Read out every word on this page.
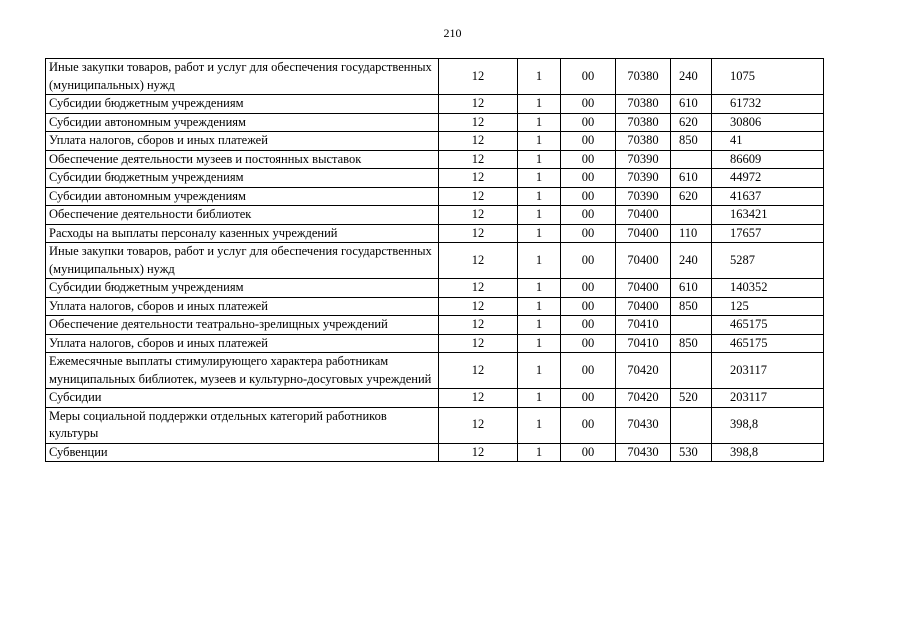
210
Иные закупки товаров, работ и услуг для обеспечения государственных (муниципальных) нужд	12	1	00	70380	240	1075
Субсидии бюджетным учреждениям	12	1	00	70380	610	61732
Субсидии автономным учреждениям	12	1	00	70380	620	30806
Уплата налогов, сборов и иных платежей	12	1	00	70380	850	41
Обеспечение деятельности музеев и постоянных выставок	12	1	00	70390		86609
Субсидии бюджетным учреждениям	12	1	00	70390	610	44972
Субсидии автономным учреждениям	12	1	00	70390	620	41637
Обеспечение деятельности библиотек	12	1	00	70400		163421
Расходы на выплаты персоналу казенных учреждений	12	1	00	70400	110	17657
Иные закупки товаров, работ и услуг для обеспечения государственных (муниципальных) нужд	12	1	00	70400	240	5287
Субсидии бюджетным учреждениям	12	1	00	70400	610	140352
Уплата налогов, сборов и иных платежей	12	1	00	70400	850	125
Обеспечение деятельности театрально-зрелищных учреждений	12	1	00	70410		465175
Уплата налогов, сборов и иных платежей	12	1	00	70410	850	465175
Ежемесячные выплаты стимулирующего характера работникам муниципальных библиотек, музеев и культурно-досуговых учреждений	12	1	00	70420		203117
Субсидии	12	1	00	70420	520	203117
Меры социальной поддержки отдельных категорий работников культуры	12	1	00	70430		398,8
Субвенции	12	1	00	70430	530	398,8
